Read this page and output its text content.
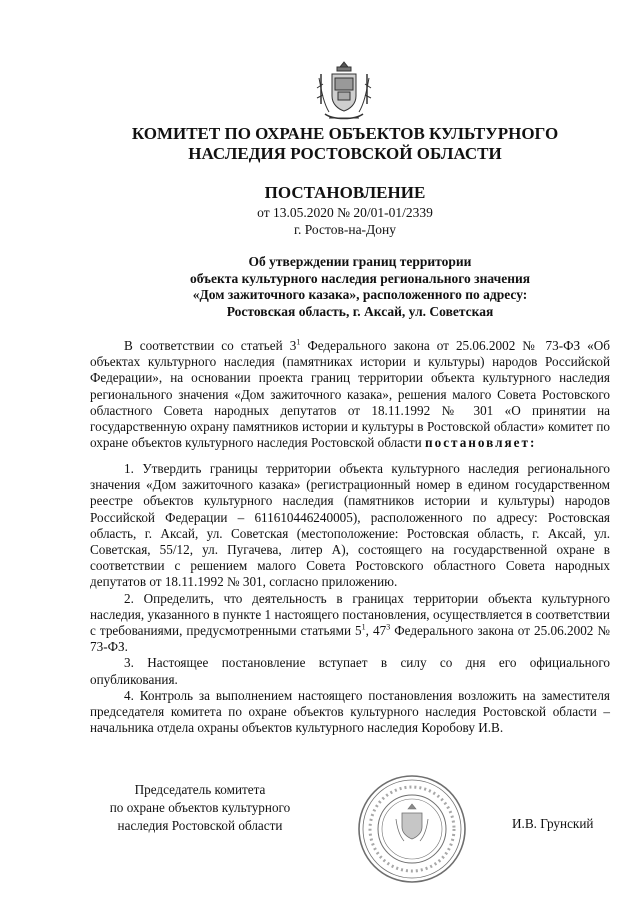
КОМИТЕТ ПО ОХРАНЕ ОБЪЕКТОВ КУЛЬТУРНОГО
НАСЛЕДИЯ РОСТОВСКОЙ ОБЛАСТИ
ПОСТАНОВЛЕНИЕ
от 13.05.2020 № 20/01-01/2339
г. Ростов-на-Дону
Об утверждении границ территории
объекта культурного наследия регионального значения
«Дом зажиточного казака», расположенного по адресу:
Ростовская область, г. Аксай, ул. Советская

В соответствии со статьей $3^1$ Федерального закона от 25.06.2002 № 73-ФЗ «Об объектах культурного наследия (памятниках истории и культуры) народов Российской Федерации», на основании проекта границ территории объекта культурного наследия регионального значения «Дом зажиточного казака», решения малого Совета Ростовского областного Совета народных депутатов от 18.11.1992 № 301 «О принятии на государственную охрану памятников истории и культуры в Ростовской области» комитет по охране объектов культурного наследия Ростовской области постановляет:

1. Утвердить границы территории объекта культурного наследия регионального значения «Дом зажиточного казака» (регистрационный номер в едином государственном реестре объектов культурного наследия (памятников истории и культуры) народов Российской Федерации – 611610446240005), расположенного по адресу: Ростовская область, г. Аксай, ул. Советская (местоположение: Ростовская область, г. Аксай, ул. Советская, 55/12, ул. Пугачева, литер А), состоящего на государственной охране в соответствии с решением малого Совета Ростовского областного Совета народных депутатов от 18.11.1992 № 301, согласно приложению.

2. Определить, что деятельность в границах территории объекта культурного наследия, указанного в пункте 1 настоящего постановления, осуществляется в соответствии с требованиями, предусмотренными статьями $5^1$, $47^3$ Федерального закона от 25.06.2002 № 73-ФЗ.

3. Настоящее постановление вступает в силу со дня его официального опубликования.

4. Контроль за выполнением настоящего постановления возложить на заместителя председателя комитета по охране объектов культурного наследия Ростовской области – начальника отдела охраны объектов культурного наследия Коробову И.В.

Председатель комитета
по охране объектов культурного
наследия Ростовской области	И.В. Грунский
